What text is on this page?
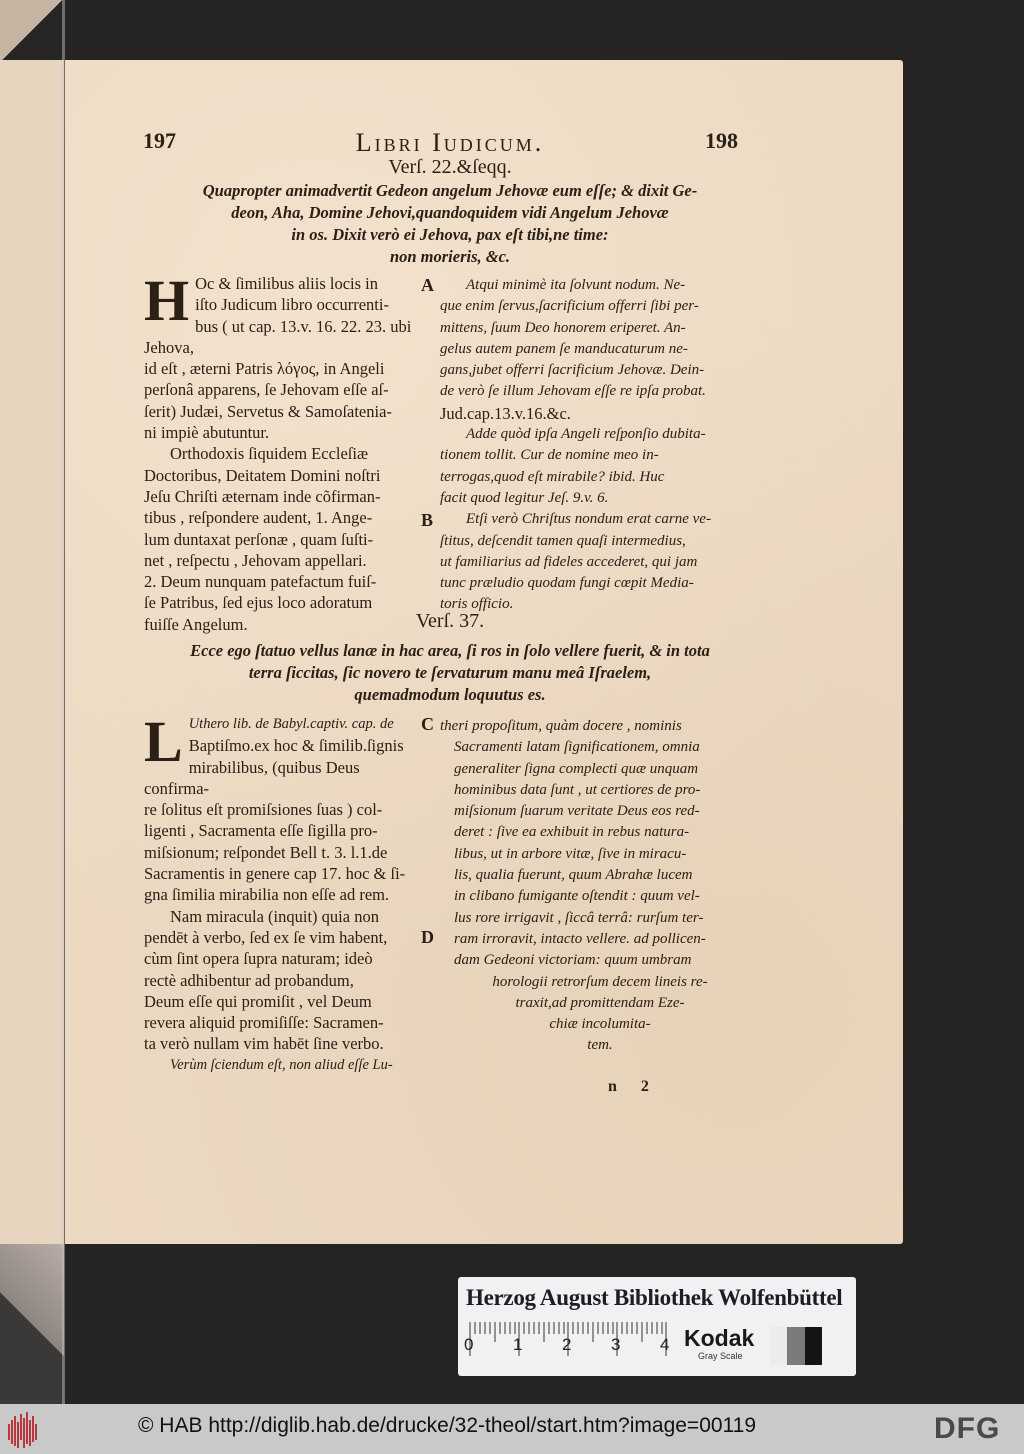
197	Libri Iudicum.	198
Verſ. 22.&ſeqq.
Quapropter animadvertit Gedeon angelum Jehovæ eum eſſe; & dixit Ge-
deon, Aha, Domine Jehovi,quandoquidem vidi Angelum Jehovæ
in os. Dixit verò ei Jehova, pax eſt tibi,ne time:
non morieris, &c.
H Oc & ſimilibus aliis locis in

iſto Judicum libro occurrenti-

bus ( ut cap. 13.v. 16. 22. 23. ubi Jehova,

id eſt , æterni Patris λόγος, in Angeli

perſonâ apparens, ſe Jehovam eſſe aſ-

ſerit) Judæi, Servetus & Samoſatenia-

ni impiè abutuntur.

Orthodoxis ſiquidem Eccleſiæ

Doctoribus, Deitatem Domini noſtri

Jeſu Chriſti æternam inde cõfirman-

tibus , reſpondere audent, 1. Ange-

lum duntaxat perſonæ , quam ſuſti-

net , reſpectu , Jehovam appellari.

2. Deum nunquam patefactum fuiſ-

ſe Patribus, ſed ejus loco adoratum

fuiſſe Angelum.

A
B

Atqui minimè ita ſolvunt nodum. Ne-

que enim ſervus,ſacrificium offerri ſibi per-

mittens, ſuum Deo honorem eriperet. An-

gelus autem panem ſe manducaturum ne-

gans,jubet offerri ſacrificium Jehovæ. Dein-

de verò ſe illum Jehovam eſſe re ipſa probat.

Jud.cap.13.v.16.&c.

Adde quòd ipſa Angeli reſponſio dubita-

tionem tollit. Cur de nomine meo in-

terrogas,quod eſt mirabile? ibid. Huc

facit quod legitur Jeſ. 9.v. 6.

Etſi verò Chriſtus nondum erat carne ve-

ſtitus, deſcendit tamen quaſi intermedius,

ut familiarius ad fideles accederet, qui jam

tunc præludio quodam fungi cœpit Media-

toris officio.

Verſ. 37.
Ecce ego ſtatuo vellus lanæ in hac area, ſi ros in ſolo vellere fuerit, & in tota
terra ſiccitas, ſic novero te ſervaturum manu meâ Iſraelem,
quemadmodum loquutus es.
L Uthero lib. de Babyl.captiv. cap. de

Baptiſmo.ex hoc & ſimilib.ſignis

mirabilibus, (quibus Deus confirma-

re ſolitus eſt promiſsiones ſuas ) col-

ligenti , Sacramenta eſſe ſigilla pro-

miſsionum; reſpondet Bell t. 3. l.1.de

Sacramentis in genere cap 17. hoc & ſi-

gna ſimilia mirabilia non eſſe ad rem.

Nam miracula (inquit) quia non

pendēt à verbo, ſed ex ſe vim habent,

cùm ſint opera ſupra naturam; ideò

rectè adhibentur ad probandum,

Deum eſſe qui promiſit , vel Deum

revera aliquid promiſiſſe: Sacramen-

ta verò nullam vim habēt ſine verbo.

Verùm ſciendum eſt, non aliud eſſe Lu-

C
D

theri propoſitum, quàm docere , nominis

Sacramenti latam ſignificationem, omnia

generaliter ſigna complecti quæ unquam

hominibus data ſunt , ut certiores de pro-

miſsionum ſuarum veritate Deus eos red-

deret : ſive ea exhibuit in rebus natura-

libus, ut in arbore vitæ, ſive in miracu-

lis, qualia fuerunt, quum Abrahæ lucem

in clibano fumigante oſtendit : quum vel-

lus rore irrigavit , ſiccâ terrâ: rurſum ter-

ram irroravit, intacto vellere. ad pollicen-

dam Gedeoni victoriam: quum umbram

horologii retrorſum decem lineis re-

traxit,ad promittendam Eze-

chiæ incolumita-

tem.

n 2
Herzog August Bibliothek Wolfenbüttel
0 1 2 3 4 Kodak
Gray Scale
© HAB http://diglib.hab.de/drucke/32-theol/start.htm?image=00119	DFG
